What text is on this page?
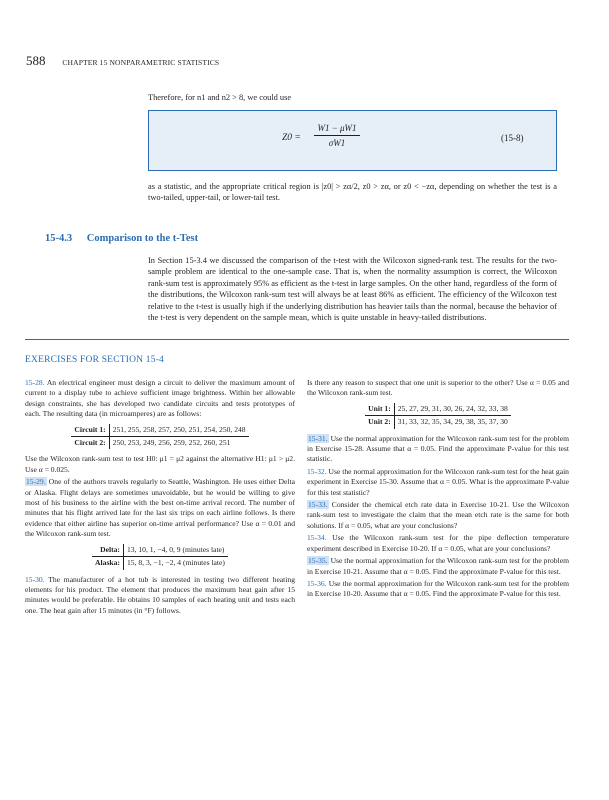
588 CHAPTER 15 NONPARAMETRIC STATISTICS
Therefore, for n1 and n2 > 8, we could use
Z0 =
W1 − μW1
σW1	(15-8)
as a statistic, and the appropriate critical region is |z0| > zα/2, z0 > zα, or z0 < −zα, depending on whether the test is a two-tailed, upper-tail, or lower-tail test.
15-4.3 Comparison to the t-Test
In Section 15-3.4 we discussed the comparison of the t-test with the Wilcoxon signed-rank test. The results for the two-sample problem are identical to the one-sample case. That is, when the normality assumption is correct, the Wilcoxon rank-sum test is approximately 95% as efficient as the t-test in large samples. On the other hand, regardless of the form of the distributions, the Wilcoxon rank-sum test will always be at least 86% as efficient. The efficiency of the Wilcoxon test relative to the t-test is usually high if the underlying distribution has heavier tails than the normal, because the behavior of the t-test is very dependent on the sample mean, which is quite unstable in heavy-tailed distributions.
EXERCISES FOR SECTION 15-4

15-28. An electrical engineer must design a circuit to deliver the maximum amount of current to a display tube to achieve sufficient image brightness. Within her allowable design constraints, she has developed two candidate circuits and tests prototypes of each. The resulting data (in microamperes) are as follows:

Circuit 1:	251, 255, 258, 257, 250, 251, 254, 250, 248
Circuit 2:	250, 253, 249, 256, 259, 252, 260, 251

Use the Wilcoxon rank-sum test to test H0: μ1 = μ2 against the alternative H1: μ1 > μ2. Use α = 0.025.

15-29. One of the authors travels regularly to Seattle, Washington. He uses either Delta or Alaska. Flight delays are sometimes unavoidable, but he would be willing to give most of his business to the airline with the best on-time arrival record. The number of minutes that his flight arrived late for the last six trips on each airline follows. Is there evidence that either airline has superior on-time arrival performance? Use α = 0.01 and the Wilcoxon rank-sum test.

Delta:	13, 10, 1, −4, 0, 9 (minutes late)
Alaska:	15, 8, 3, −1, −2, 4 (minutes late)

15-30. The manufacturer of a hot tub is interested in testing two different heating elements for his product. The element that produces the maximum heat gain after 15 minutes would be preferable. He obtains 10 samples of each heating unit and tests each one. The heat gain after 15 minutes (in °F) follows.

Is there any reason to suspect that one unit is superior to the other? Use α = 0.05 and the Wilcoxon rank-sum test.

Unit 1:	25, 27, 29, 31, 30, 26, 24, 32, 33, 38
Unit 2:	31, 33, 32, 35, 34, 29, 38, 35, 37, 30

15-31. Use the normal approximation for the Wilcoxon rank-sum test for the problem in Exercise 15-28. Assume that α = 0.05. Find the approximate P-value for this test statistic.

15-32. Use the normal approximation for the Wilcoxon rank-sum test for the heat gain experiment in Exercise 15-30. Assume that α = 0.05. What is the approximate P-value for this test statistic?

15-33. Consider the chemical etch rate data in Exercise 10-21. Use the Wilcoxon rank-sum test to investigate the claim that the mean etch rate is the same for both solutions. If α = 0.05, what are your conclusions?

15-34. Use the Wilcoxon rank-sum test for the pipe deflection temperature experiment described in Exercise 10-20. If α = 0.05, what are your conclusions?

15-35. Use the normal approximation for the Wilcoxon rank-sum test for the problem in Exercise 10-21. Assume that α = 0.05. Find the approximate P-value for this test.

15-36. Use the normal approximation for the Wilcoxon rank-sum test for the problem in Exercise 10-20. Assume that α = 0.05. Find the approximate P-value for this test.
